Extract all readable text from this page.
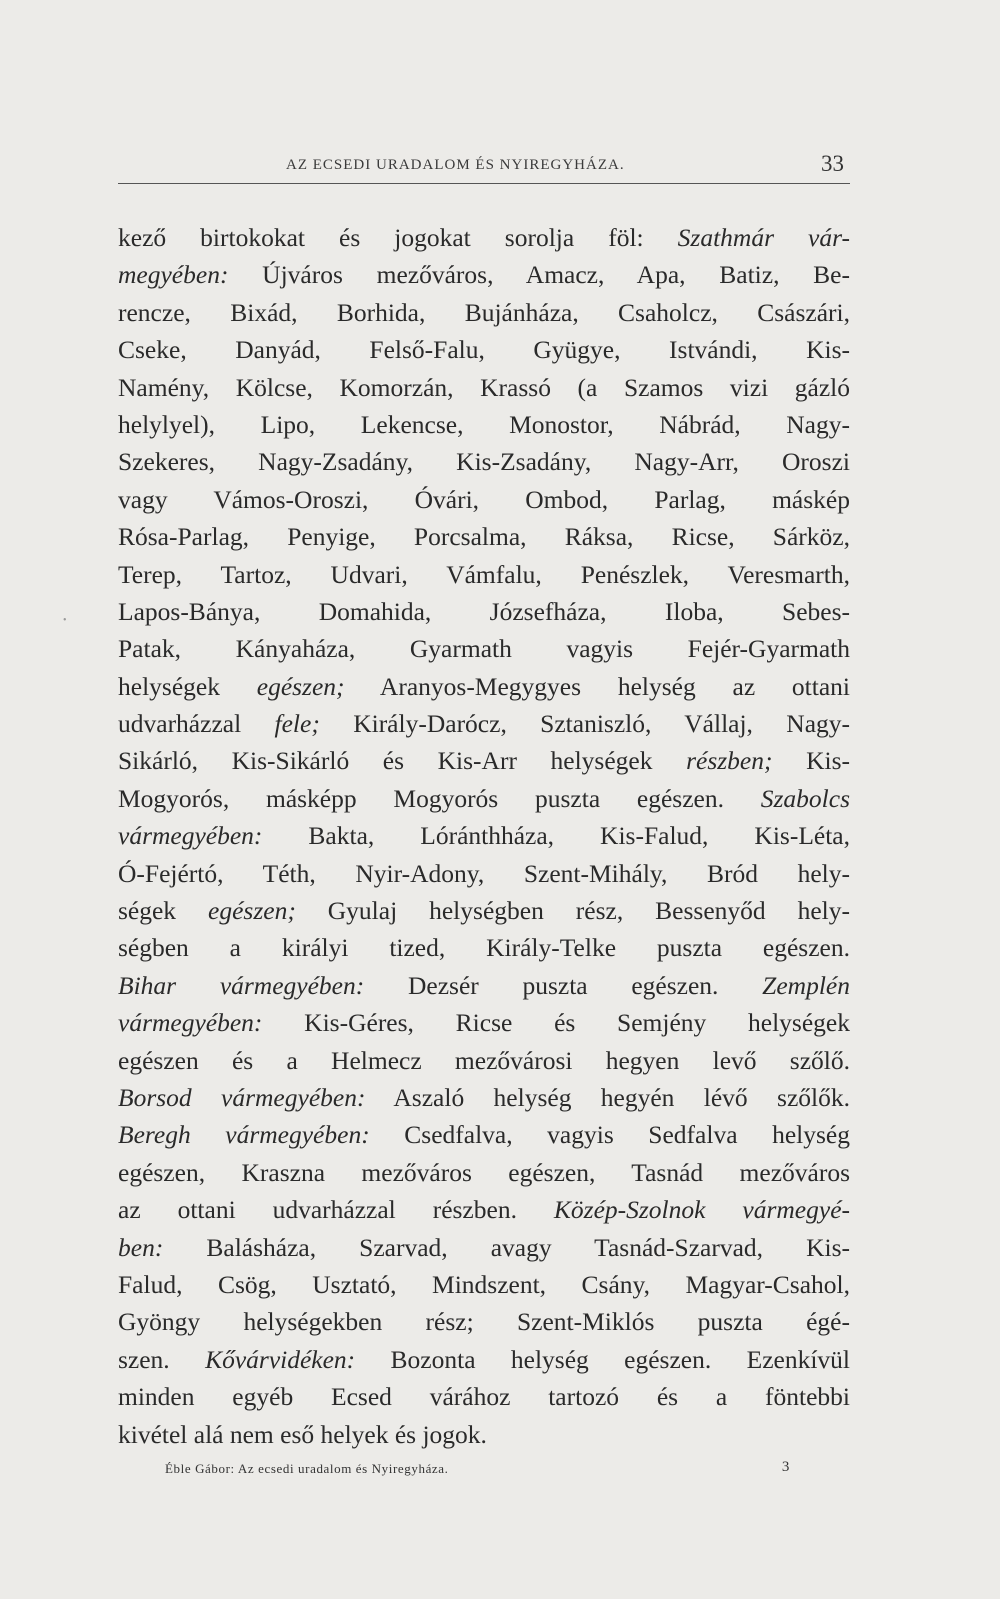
AZ ECSEDI URADALOM ÉS NYIREGYHÁZA.	33
kező birtokokat és jogokat sorolja föl: Szathmár vár-
megyében: Újváros mezőváros, Amacz, Apa, Batiz, Be-
rencze, Bixád, Borhida, Bujánháza, Csaholcz, Császári,
Cseke, Danyád, Felső-Falu, Gyügye, Istvándi, Kis-
Namény, Kölcse, Komorzán, Krassó (a Szamos vizi gázló
helylyel), Lipo, Lekencse, Monostor, Nábrád, Nagy-
Szekeres, Nagy-Zsadány, Kis-Zsadány, Nagy-Arr, Oroszi
vagy Vámos-Oroszi, Óvári, Ombod, Parlag, máskép‍
Rósa-Parlag, Penyige, Porcsalma, Ráksa, Ricse, Sárköz,
Terep, Tartoz, Udvari, Vámfalu, Penészlek, Veresmarth,
Lapos-Bánya, Domahida, Józsefháza, Iloba, Sebes-
Patak, Kányaháza, Gyarmath vagyis Fejér-Gyarmath
helységek egészen; Aranyos-Megygyes helység az ottani
udvarházzal fele; Király-Darócz, Sztaniszló, Vállaj, Nagy-
Sikárló, Kis-Sikárló és Kis-Arr helységek részben; Kis-
Mogyorós, másképp Mogyorós puszta egészen. Szabolcs
vármegyében: Bakta, Lóránthháza, Kis-Falud, Kis-Léta,
Ó-Fejértó, Téth, Nyir-Adony, Szent-Mihály, Bród hely-
ségek egészen; Gyulaj helységben rész, Bessenyőd hely-
ségben a királyi tized, Király-Telke puszta egészen.
Bihar vármegyében: Dezsér puszta egészen. Zemplén
vármegyében: Kis-Géres, Ricse és Semjény helységek
egészen és a Helmecz mezővárosi hegyen levő szőlő.
Borsod vármegyében: Aszaló helység hegyén lévő szőlők.
Beregh vármegyében: Csedfalva, vagyis Sedfalva helység
egészen, Kraszna mezőváros egészen, Tasnád mezőváros
az ottani udvarházzal részben. Közép-Szolnok vármegyé-
ben: Balásháza, Szarvad, avagy Tasnád-Szarvad, Kis-
Falud, Csög, Usztató, Mindszent, Csány, Magyar-Csahol,
Gyöngy helységekben rész; Szent-Miklós puszta égé-
szen. Kővárvidéken: Bozonta helység egészen. Ezenkívül
minden egyéb Ecsed várához tartozó és a föntebbi
kivétel alá nem eső helyek és jogok.
•
Éble Gábor: Az ecsedi uradalom és Nyiregyháza.	3
